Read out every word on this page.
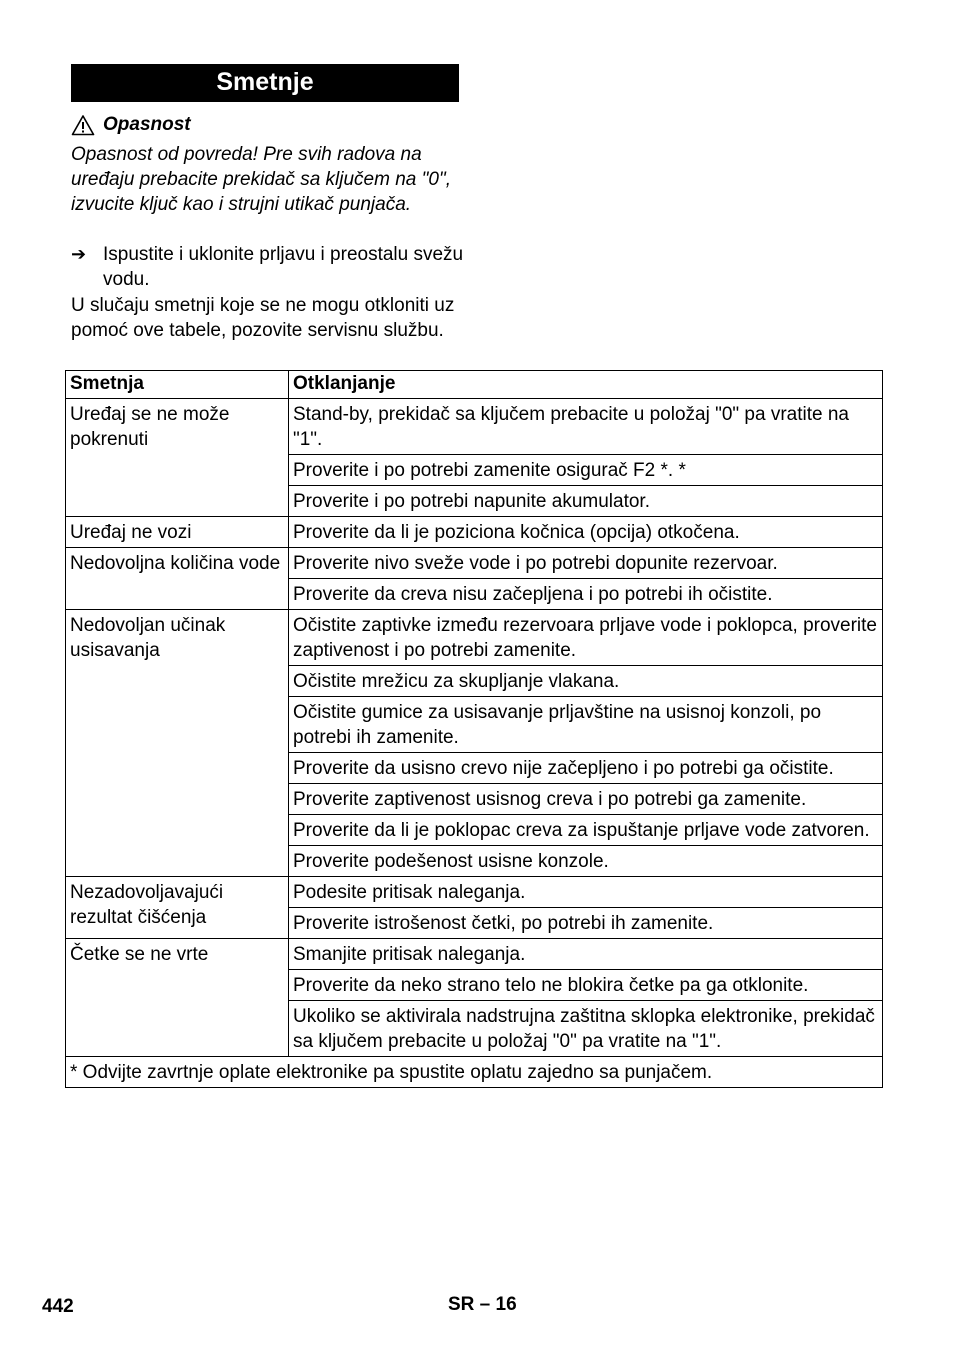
Smetnje
Opasnost
Opasnost od povreda! Pre svih radova na uređaju prebacite prekidač sa ključem na "0", izvucite ključ kao i strujni utikač punjača.
➔ Ispustite i uklonite prljavu i preostalu svežu vodu.
U slučaju smetnji koje se ne mogu otkloniti uz pomoć ove tabele, pozovite servisnu službu.
Smetnja	Otklanjanje
Uređaj se ne može pokrenuti	Stand-by, prekidač sa ključem prebacite u položaj "0" pa vratite na "1".
	Proverite i po potrebi zamenite osigurač F2 *. *
	Proverite i po potrebi napunite akumulator.
Uređaj ne vozi	Proverite da li je poziciona kočnica (opcija) otkočena.
Nedovoljna količina vode	Proverite nivo sveže vode i po potrebi dopunite rezervoar.
	Proverite da creva nisu začepljena i po potrebi ih očistite.
Nedovoljan učinak usisavanja	Očistite zaptivke između rezervoara prljave vode i poklopca, proverite zaptivenost i po potrebi zamenite.
	Očistite mrežicu za skupljanje vlakana.
	Očistite gumice za usisavanje prljavštine na usisnoj konzoli, po potrebi ih zamenite.
	Proverite da usisno crevo nije začepljeno i po potrebi ga očistite.
	Proverite zaptivenost usisnog creva i po potrebi ga zamenite.
	Proverite da li je poklopac creva za ispuštanje prljave vode zatvoren.
	Proverite podešenost usisne konzole.
Nezadovoljavajući rezultat čišćenja	Podesite pritisak naleganja.
	Proverite istrošenost četki, po potrebi ih zamenite.
Četke se ne vrte	Smanjite pritisak naleganja.
	Proverite da neko strano telo ne blokira četke pa ga otklonite.
	Ukoliko se aktivirala nadstrujna zaštitna sklopka elektronike, prekidač sa ključem prebacite u položaj "0" pa vratite na "1".
* Odvijte zavrtnje oplate elektronike pa spustite oplatu zajedno sa punjačem.	
442	SR – 16
